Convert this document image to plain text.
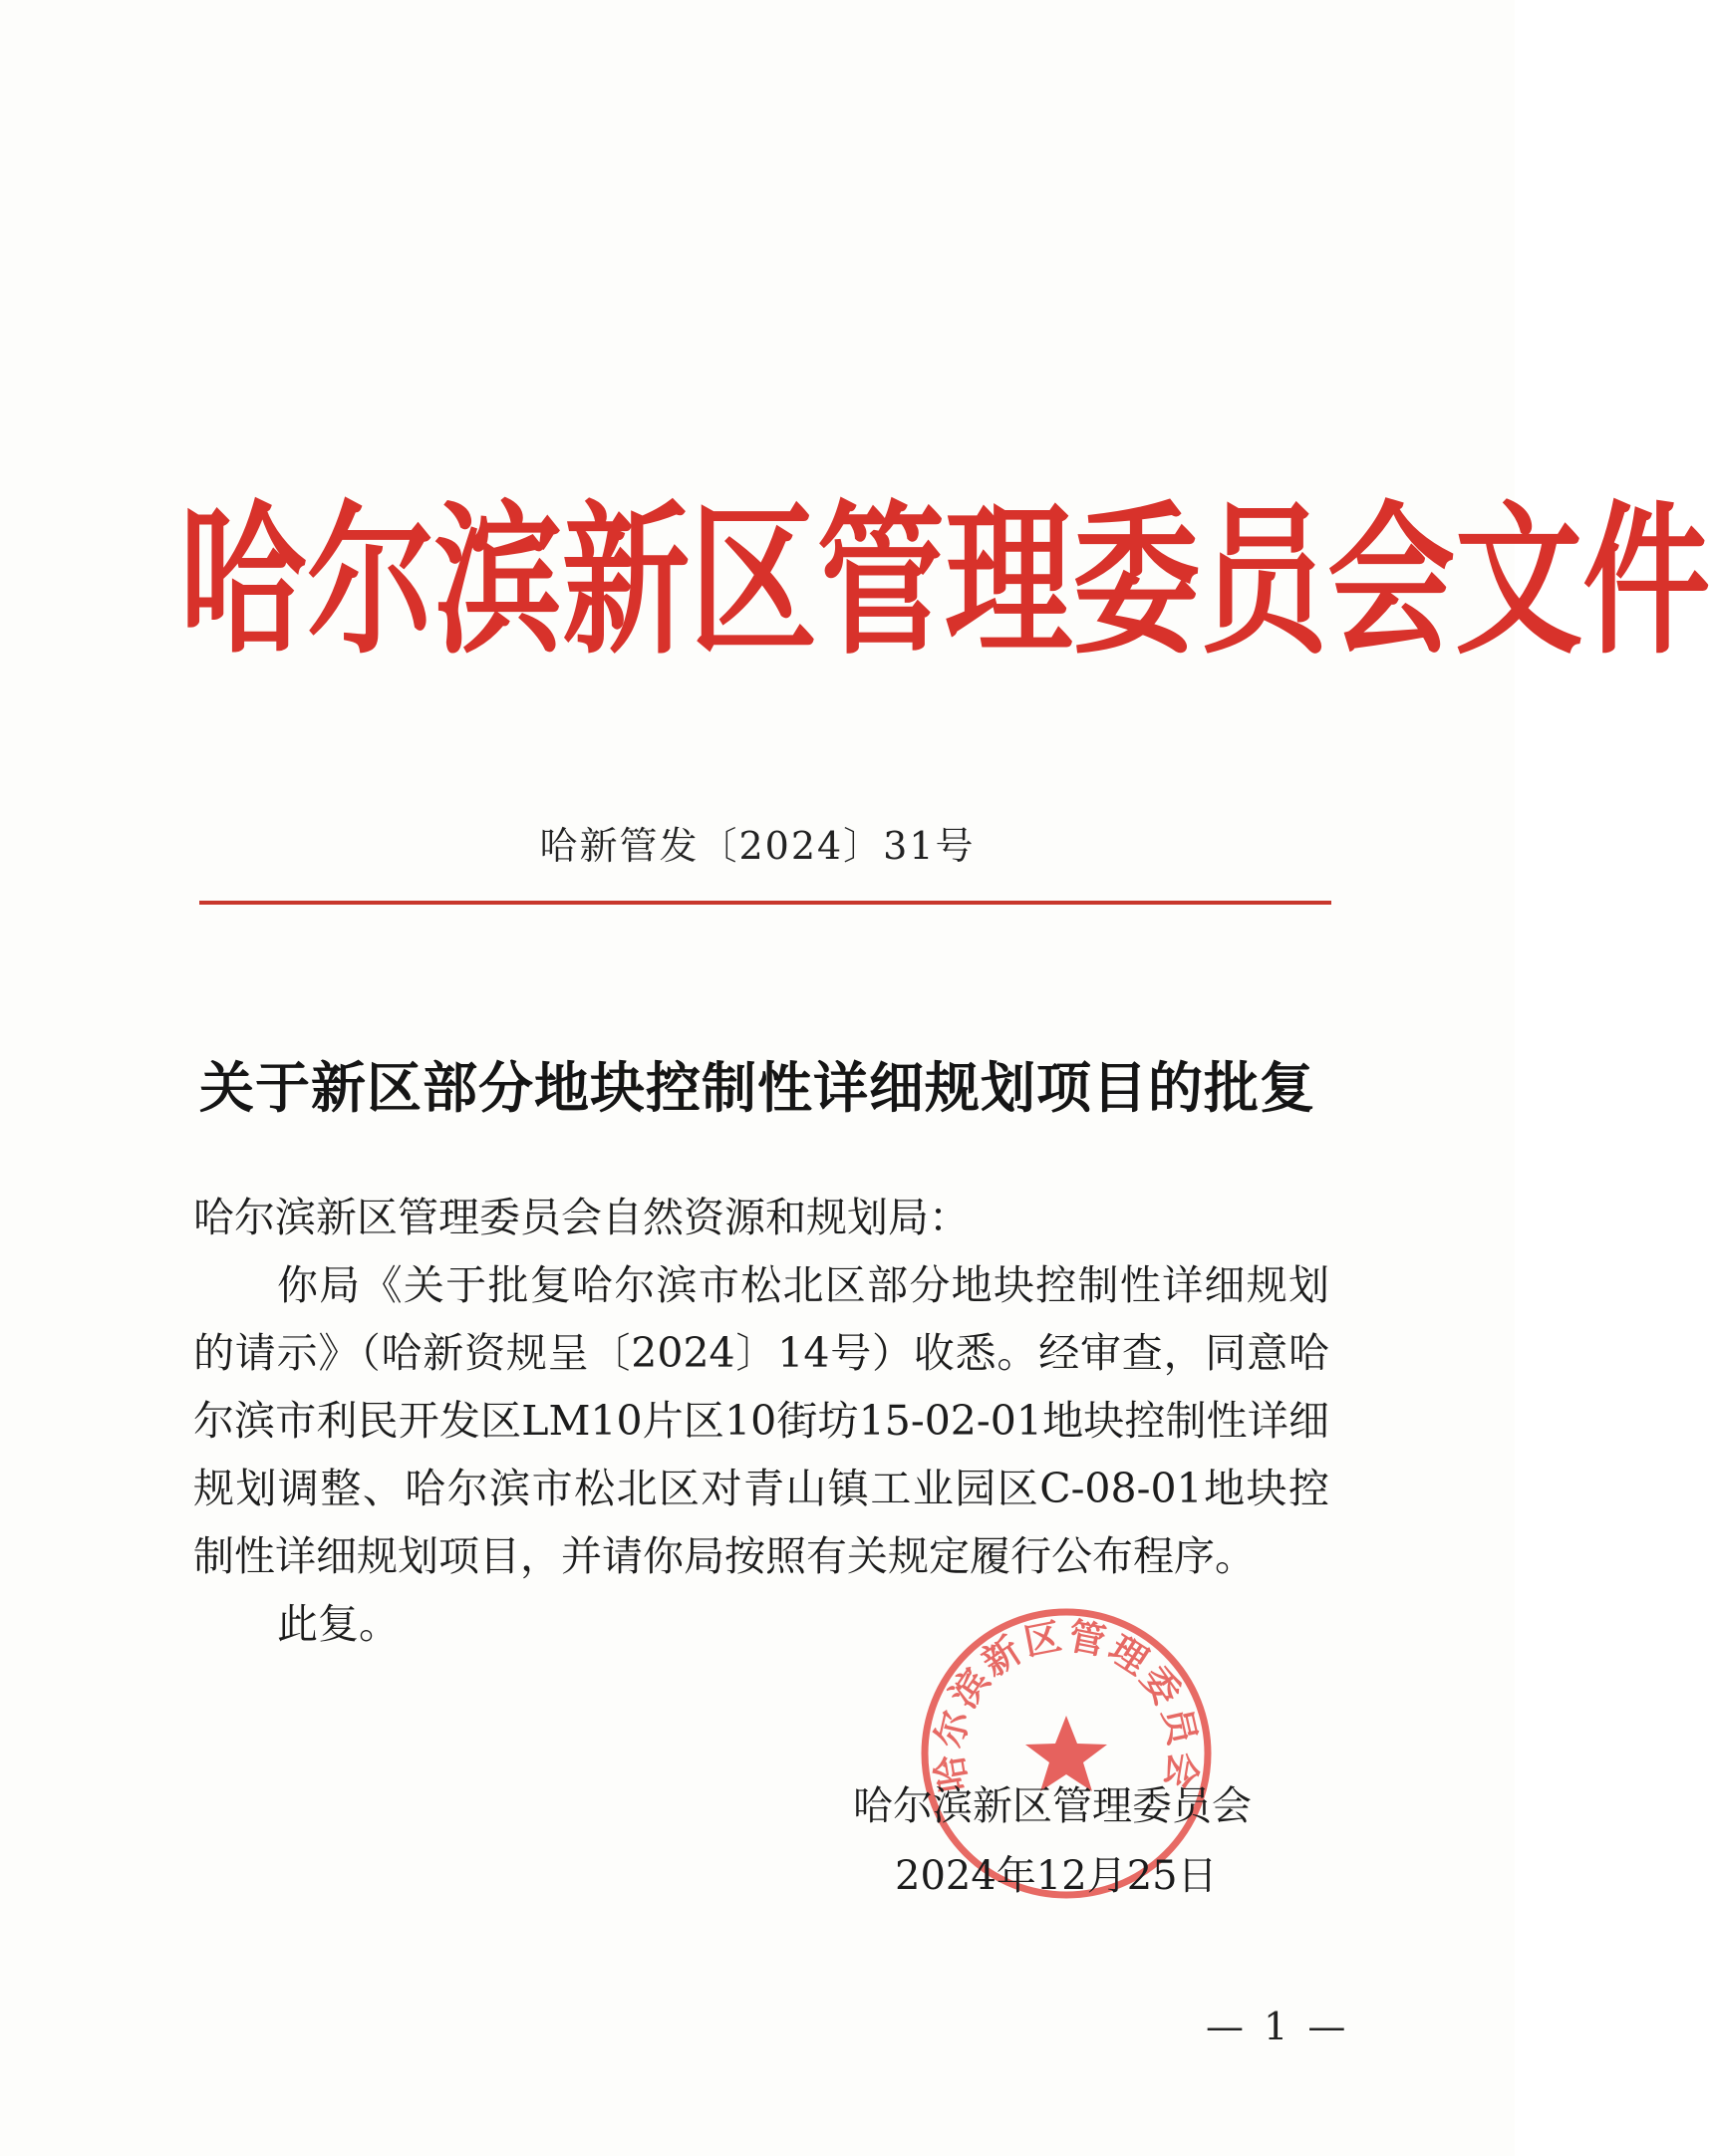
哈 尔 滨 新 区 管 理 委 员 会 文 件
哈新管发〔2024〕31号
关于新区部分地块控制性详细规划项目的批复

哈尔滨新区管理委员会自然资源和规划局：

你局《关于批复哈尔滨市松北区部分地块控制性详细规划的请示》（哈新资规呈〔2024〕14号）收悉。经审查，同意哈尔滨市利民开发区LM10片区10街坊15-02-01地块控制性详细规划调整、哈尔滨市松北区对青山镇工业园区C-08-01地块控制性详细规划项目，并请你局按照有关规定履行公布程序。

此复。

哈尔滨新区管理委员会
哈尔滨新区管理委员会
2024年12月25日
— 1 —
